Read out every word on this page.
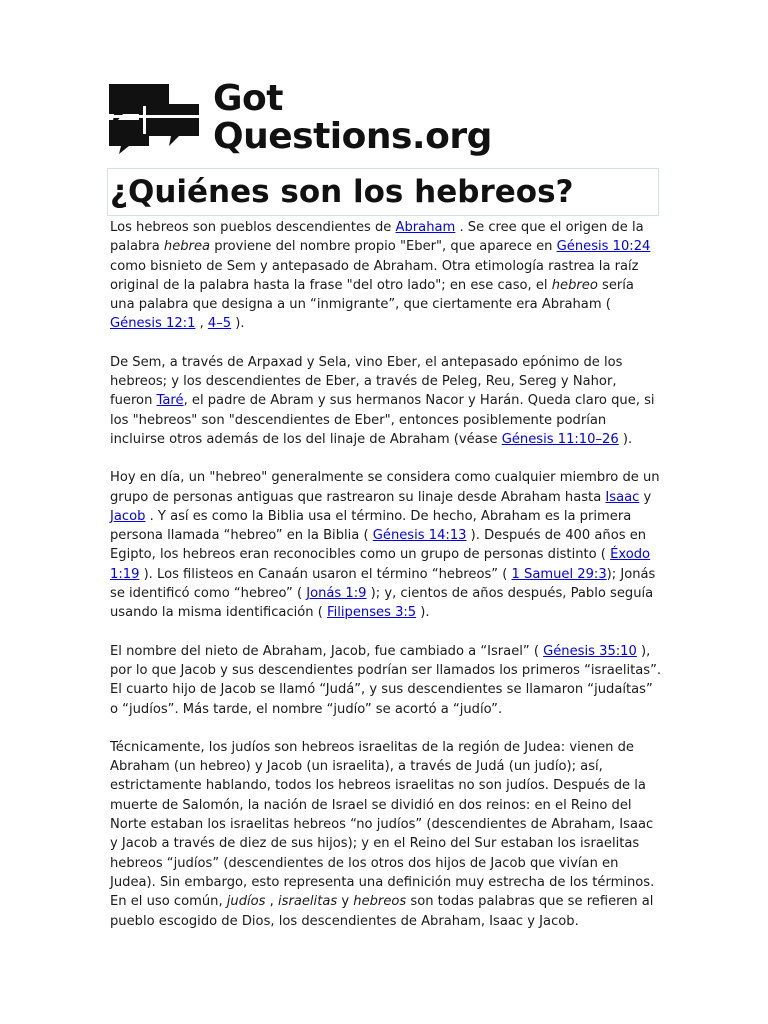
Got
Questions.org
¿Quiénes son los hebreos?

Los hebreos son pueblos descendientes de Abraham . Se cree que el origen de la palabra hebrea proviene del nombre propio "Eber", que aparece en Génesis 10:24 como bisnieto de Sem y antepasado de Abraham. Otra etimología rastrea la raíz original de la palabra hasta la frase "del otro lado"; en ese caso, el hebreo sería una palabra que designa a un “inmigrante”, que ciertamente era Abraham ( Génesis 12:1 , 4–5 ).

De Sem, a través de Arpaxad y Sela, vino Eber, el antepasado epónimo de los hebreos; y los descendientes de Eber, a través de Peleg, Reu, Sereg y Nahor, fueron Taré, el padre de Abram y sus hermanos Nacor y Harán. Queda claro que, si los "hebreos" son "descendientes de Eber", entonces posiblemente podrían incluirse otros además de los del linaje de Abraham (véase Génesis 11:10–26 ).

Hoy en día, un "hebreo" generalmente se considera como cualquier miembro de un grupo de personas antiguas que rastrearon su linaje desde Abraham hasta Isaac y Jacob . Y así es como la Biblia usa el término. De hecho, Abraham es la primera persona llamada “hebreo” en la Biblia ( Génesis 14:13 ). Después de 400 años en Egipto, los hebreos eran reconocibles como un grupo de personas distinto ( Éxodo 1:19 ). Los filisteos en Canaán usaron el término “hebreos” ( 1 Samuel 29:3); Jonás se identificó como “hebreo” ( Jonás 1:9 ); y, cientos de años después, Pablo seguía usando la misma identificación ( Filipenses 3:5 ).

El nombre del nieto de Abraham, Jacob, fue cambiado a “Israel” ( Génesis 35:10 ), por lo que Jacob y sus descendientes podrían ser llamados los primeros “israelitas”. El cuarto hijo de Jacob se llamó “Judá”, y sus descendientes se llamaron “judaítas” o “judíos”. Más tarde, el nombre “judío” se acortó a “judío”.

Técnicamente, los judíos son hebreos israelitas de la región de Judea: vienen de Abraham (un hebreo) y Jacob (un israelita), a través de Judá (un judío); así, estrictamente hablando, todos los hebreos israelitas no son judíos. Después de la muerte de Salomón, la nación de Israel se dividió en dos reinos: en el Reino del Norte estaban los israelitas hebreos “no judíos” (descendientes de Abraham, Isaac y Jacob a través de diez de sus hijos); y en el Reino del Sur estaban los israelitas hebreos “judíos” (descendientes de los otros dos hijos de Jacob que vivían en Judea). Sin embargo, esto representa una definición muy estrecha de los términos. En el uso común, judíos , israelitas y hebreos son todas palabras que se refieren al pueblo escogido de Dios, los descendientes de Abraham, Isaac y Jacob.
